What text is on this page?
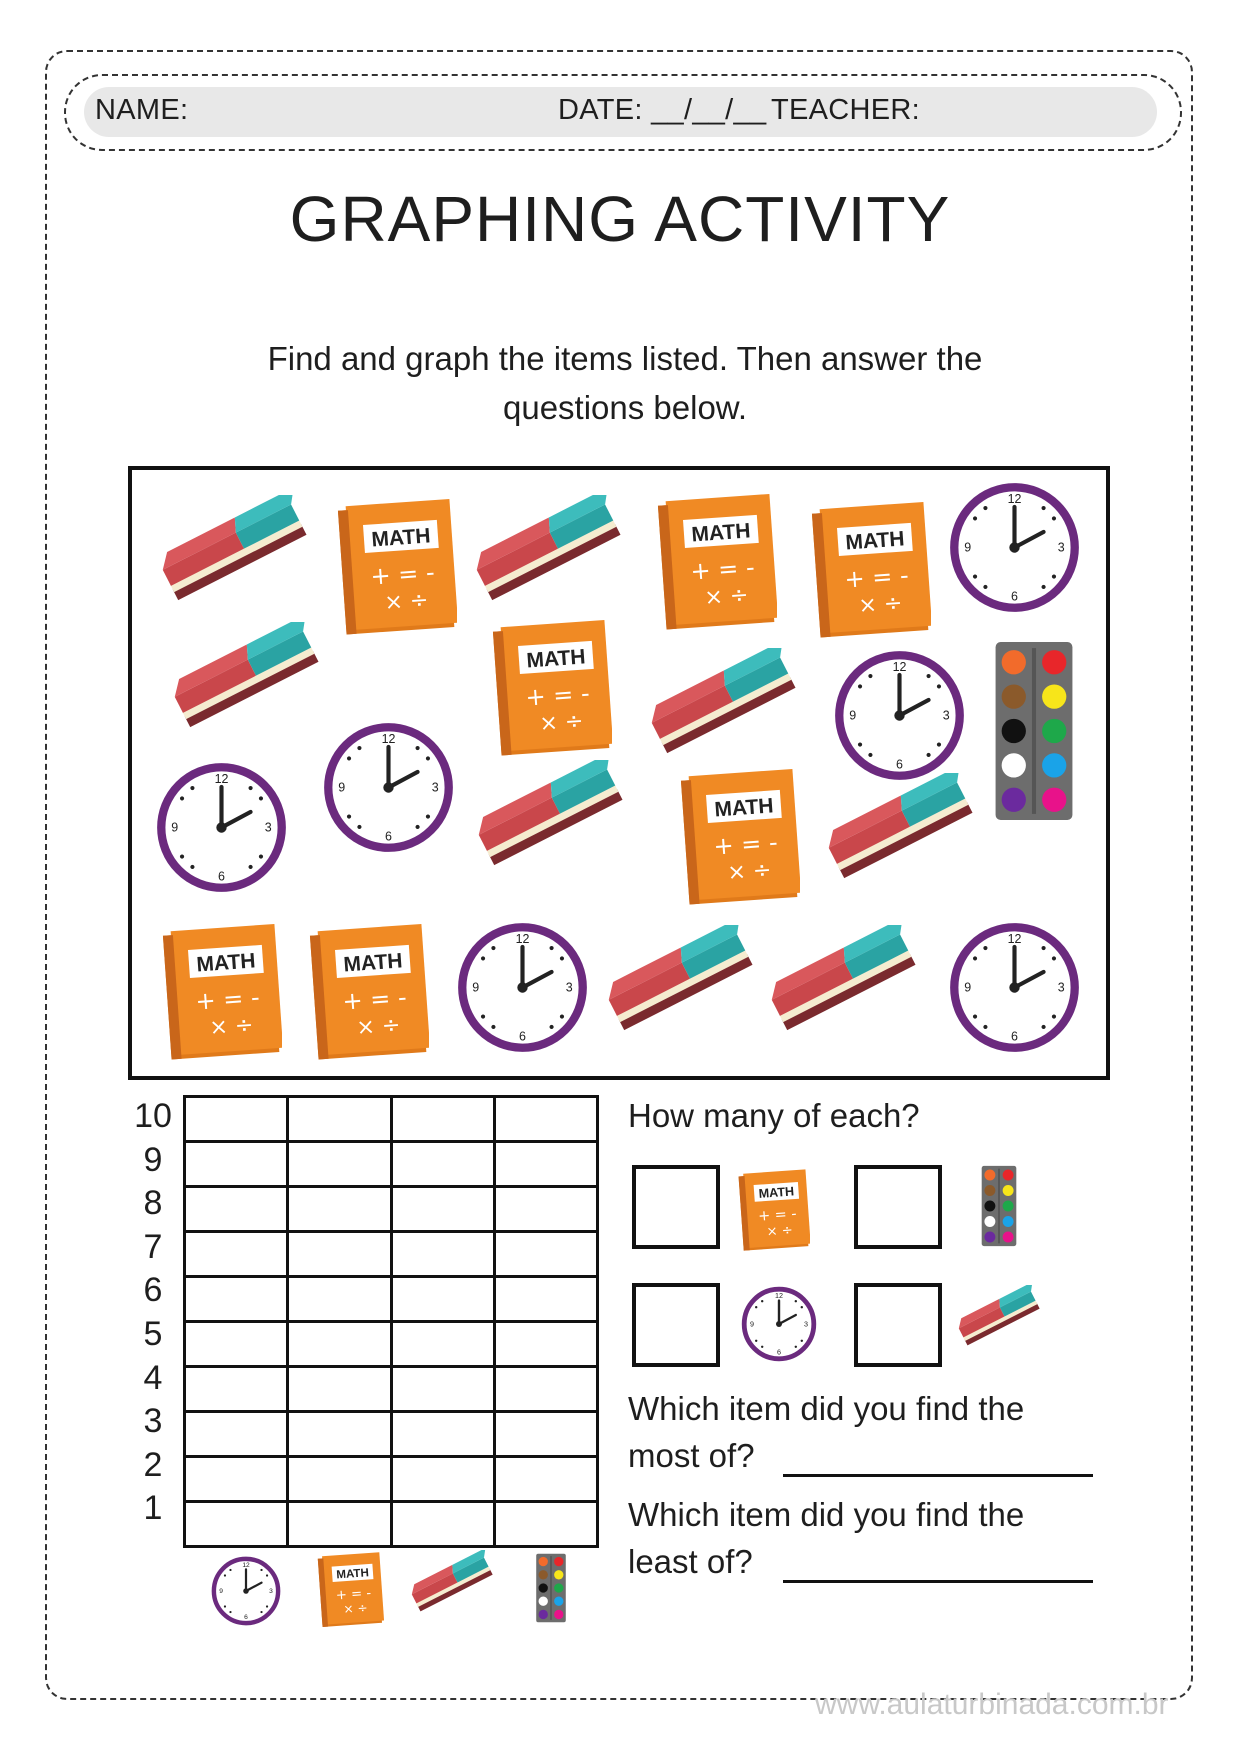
NAME:	DATE: __/__/__ TEACHER:
GRAPHING ACTIVITY
Find and graph the items listed. Then answer the
questions below.
MATH
+ = -
× ÷
MATH
+ = -
× ÷
MATH
+ = -
× ÷
12
3
6
9
MATH
+ = -
× ÷
12
3
6
9
12
3
6
9
12
3
6
9
MATH
+ = -
× ÷
MATH
+ = -
× ÷
MATH
+ = -
× ÷
12
3
6
9
12
3
6
9

10
9
8
7
6
5
4
3
2
1
12
3
6
9
MATH
+ = -
× ÷
How many of each?
MATH
+ = -
× ÷
12
3
6
9
Which item did you find the
most of?
Which item did you find the
least of?
www.aulaturbinada.com.br
